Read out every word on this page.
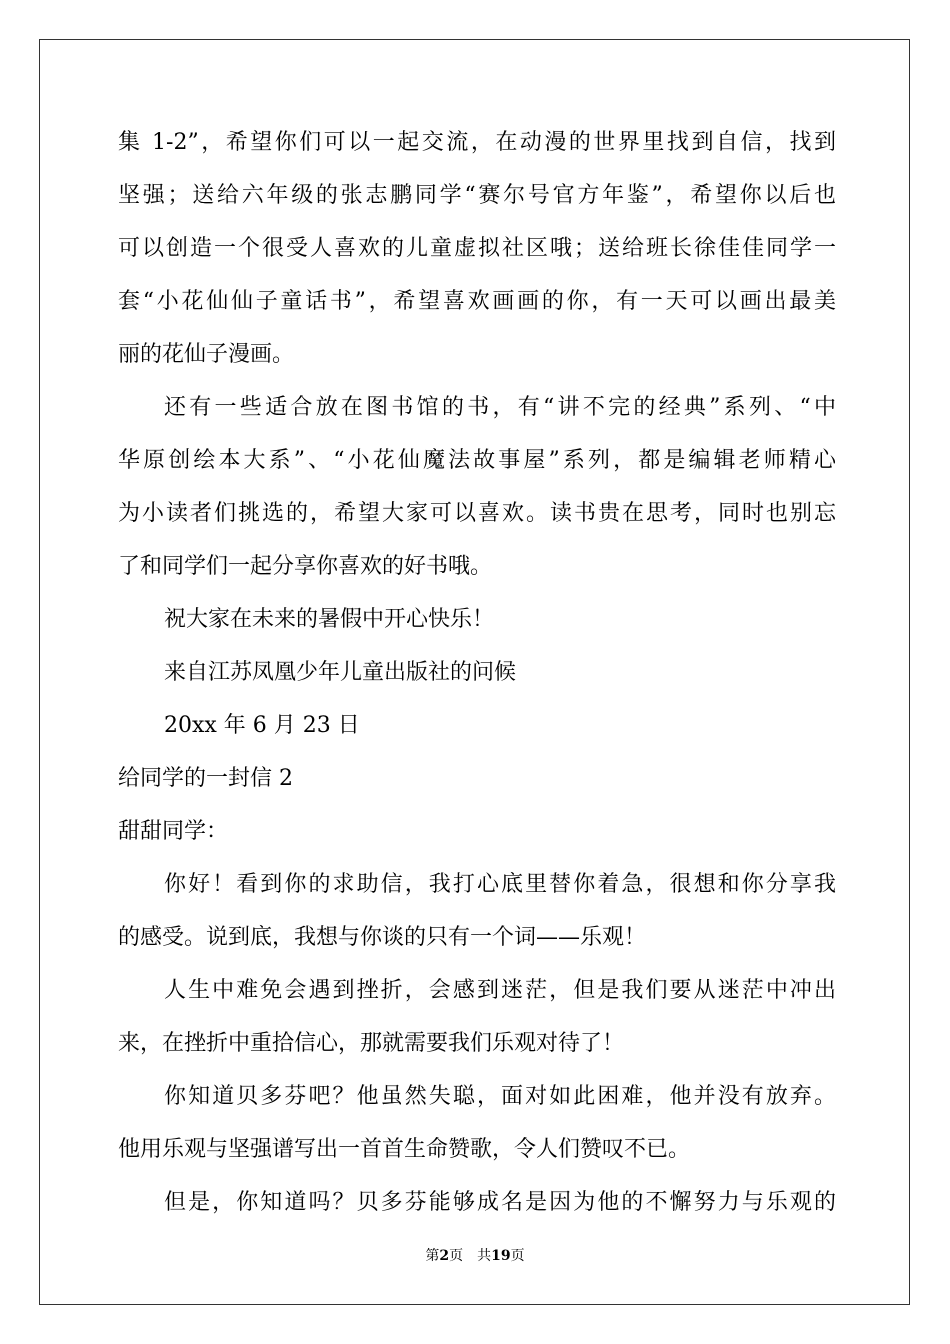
集 1-2”，希望你们可以一起交流，在动漫的世界里找到自信，找到
坚强；送给六年级的张志鹏同学“赛尔号官方年鉴”，希望你以后也
可以创造一个很受人喜欢的儿童虚拟社区哦；送给班长徐佳佳同学一
套“小花仙仙子童话书”，希望喜欢画画的你，有一天可以画出最美
丽的花仙子漫画。
还有一些适合放在图书馆的书，有“讲不完的经典”系列、“中
华原创绘本大系”、“小花仙魔法故事屋”系列，都是编辑老师精心
为小读者们挑选的，希望大家可以喜欢。读书贵在思考，同时也别忘
了和同学们一起分享你喜欢的好书哦。
祝大家在未来的暑假中开心快乐！
来自江苏凤凰少年儿童出版社的问候
20xx 年 6 月 23 日
给同学的一封信 2
甜甜同学：
你好！看到你的求助信，我打心底里替你着急，很想和你分享我
的感受。说到底，我想与你谈的只有一个词——乐观！
人生中难免会遇到挫折，会感到迷茫，但是我们要从迷茫中冲出
来，在挫折中重拾信心，那就需要我们乐观对待了！
你知道贝多芬吧？他虽然失聪，面对如此困难，他并没有放弃。
他用乐观与坚强谱写出一首首生命赞歌，令人们赞叹不已。
但是，你知道吗？贝多芬能够成名是因为他的不懈努力与乐观的
第2页　共19页
